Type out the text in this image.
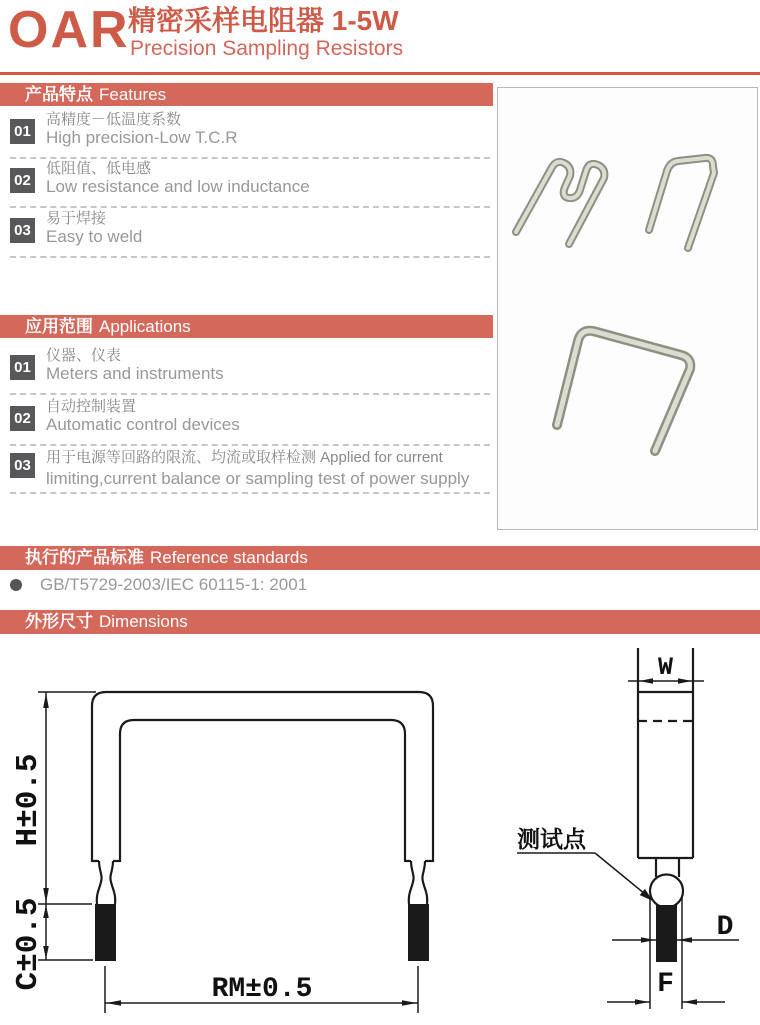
OAR
精密采样电阻器 1-5W
Precision Sampling Resistors
产品特点 Features
01
高精度－低温度系数
High precision-Low T.C.R
02
低阻值、低电感
Low resistance and low inductance
03
易于焊接
Easy to weld
应用范围 Applications
01
仪器、仪表
Meters and instruments
02
自动控制装置
Automatic control devices
03 用于电源等回路的限流、均流或取样检测 Applied for current
limiting,current balance or sampling test of power supply
执行的产品标准 Reference standards
GB/T5729-2003/IEC 60115-1: 2001
外形尺寸 Dimensions
H±0.5
C±0.5	RM±0.5
W
D
F
测试点
